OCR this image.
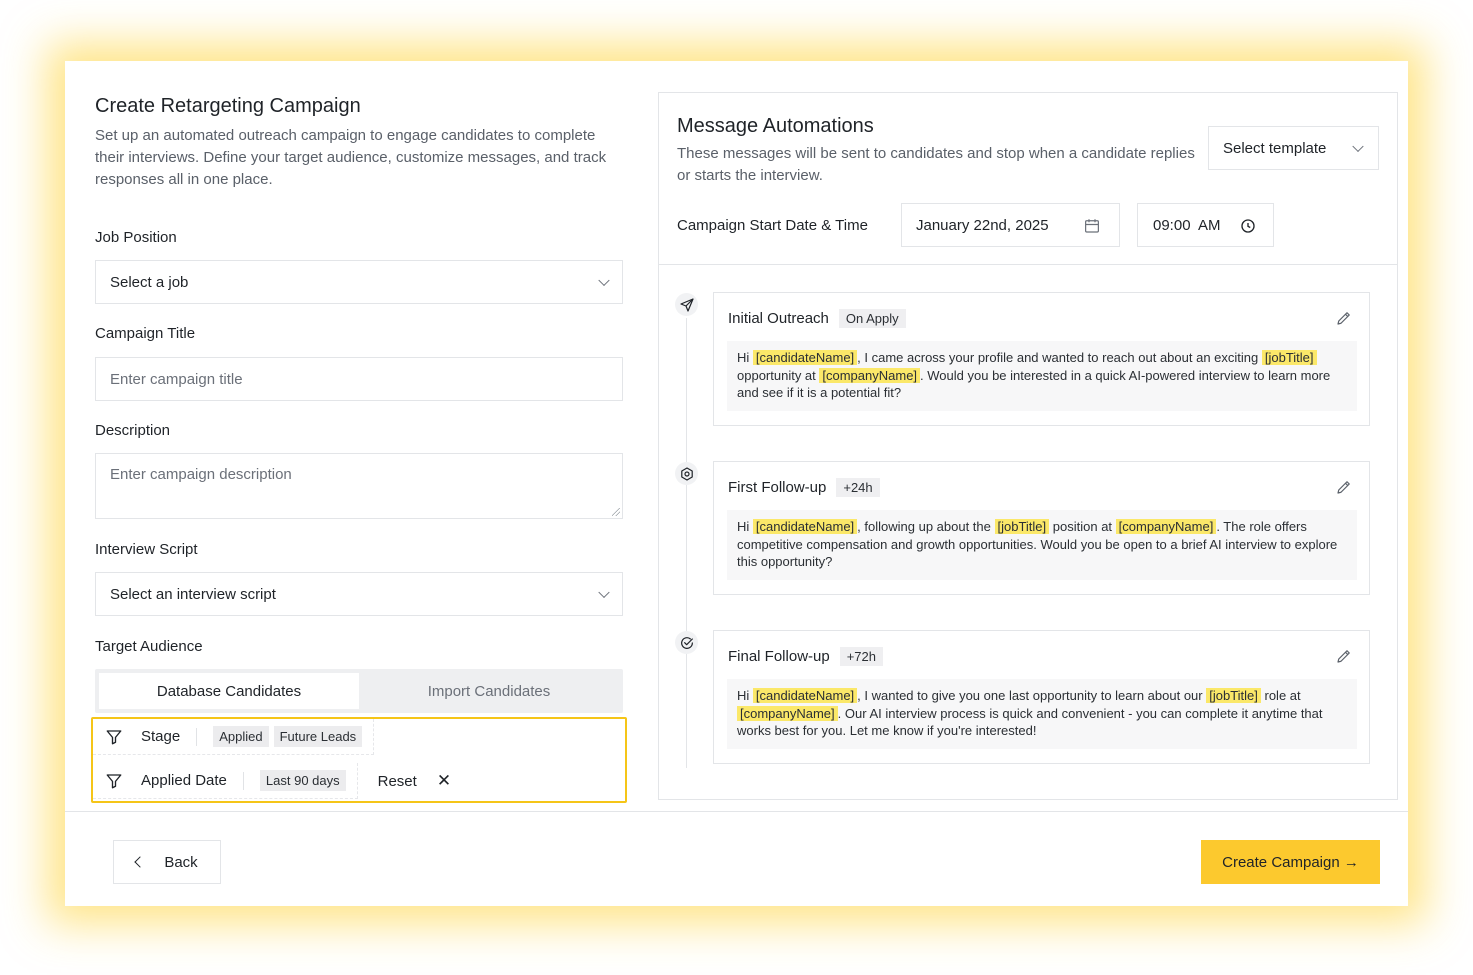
Create Retargeting Campaign
Set up an automated outreach campaign to engage candidates to complete their interviews. Define your target audience, customize messages, and track responses all in one place.
Job Position
Select a job
Campaign Title
Enter campaign title
Description
Enter campaign description
Interview Script
Select an interview script
Target Audience
Database Candidates	Import Candidates
Stage	Applied	Future Leads
Applied Date	Last 90 days	Reset ✕
Message Automations
These messages will be sent to candidates and stop when a candidate replies or starts the interview.
Select template
Campaign Start Date & Time	January 22nd, 2025	09:00  AM
Initial Outreach	On Apply
Hi [candidateName] , I came across your profile and wanted to reach out about an exciting [jobTitle] opportunity at [companyName] . Would you be interested in a quick AI-powered interview to learn more and see if it is a potential fit?
First Follow-up	+24h
Hi [candidateName] , following up about the [jobTitle] position at [companyName] . The role offers competitive compensation and growth opportunities. Would you be open to a brief AI interview to explore this opportunity?
Final Follow-up	+72h
Hi [candidateName] , I wanted to give you one last opportunity to learn about our [jobTitle] role at [companyName] . Our AI interview process is quick and convenient - you can complete it anytime that works best for you. Let me know if you're interested!
Back	Create Campaign →
